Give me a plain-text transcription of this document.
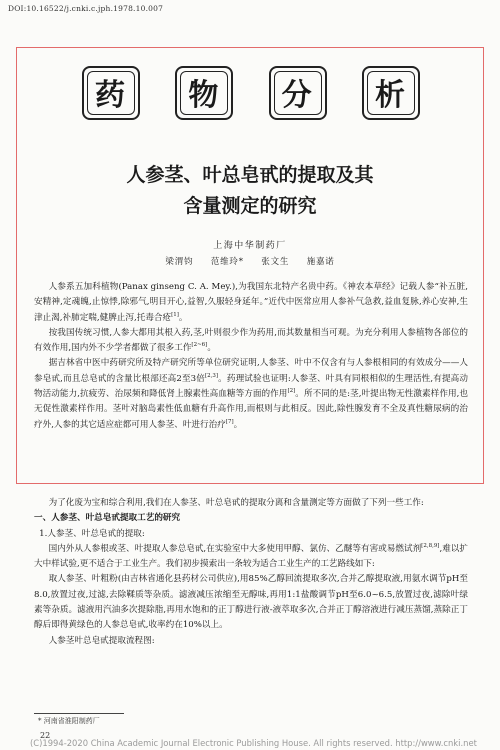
DOI:10.16522/j.cnki.c.jph.1978.10.007
药 物 分 析
人参茎、叶总皂甙的提取及其
含量测定的研究
上海中华制药厂
梁渭钧 范维玲* 张文生 施嘉诺

人参系五加科植物(Panax ginseng C. A. Mey.),为我国东北特产名贵中药。《神农本草经》记载人参“补五脏,安精神,定魂魄,止惊悸,除邪气,明目开心,益智,久服轻身延年。”近代中医常应用人参补气急救,益血复脉,养心安神,生津止渴,补肺定喘,健脾止泻,托毒合疮[1]。

按我国传统习惯,人参大都用其根入药,茎,叶则很少作为药用,而其数量相当可观。为充分利用人参植物各部位的有效作用,国内外不少学者都做了很多工作[2~6]。

据吉林省中医中药研究所及特产研究所等单位研究证明,人参茎、叶中不仅含有与人参根相同的有效成分——人参皂甙,而且总皂甙的含量比根部还高2至3倍[2,3]。药理试验也证明:人参茎、叶具有同根相似的生理活性,有提高动物活动能力,抗疲劳、治尿频和降低肾上腺素性高血糖等方面的作用[2]。所不同的是:茎,叶提出物无性激素样作用,也无促性激素样作用。茎叶对脑岛素性低血糖有升高作用,而根则与此相反。因此,除性腺发育不全及真性糖尿病的治疗外,人参的其它适应症都可用人参茎、叶进行治疗[7]。

为了化废为宝和综合利用,我们在人参茎、叶总皂甙的提取分离和含量测定等方面做了下列一些工作:

一、人参茎、叶总皂甙提取工艺的研究

1.人参茎、叶总皂甙的提取:

国内外从人参根或茎、叶提取人参总皂甙,在实验室中大多使用甲醇、氯仿、乙醚等有害或易燃试剂[2,8,9],难以扩大中样试验,更不适合于工业生产。我们初步摸索出一条较为适合工业生产的工艺路线如下:

取人参茎、叶粗粉(由吉林省通化县药材公司供应),用85%乙醇回流提取多次,合并乙醇提取液,用氨水调节pH至8.0,放置过夜,过滤,去除鞣质等杂质。滤液减压浓缩至无醇味,再用1:1盐酸调节pH至6.0~6.5,放置过夜,滤除叶绿素等杂质。滤液用汽油多次提除脂,再用水饱和的正丁醇进行液-液萃取多次,合并正丁醇溶液进行减压蒸馏,蒸除正丁醇后即得黄绿色的人参总皂甙,收率约在10%以上。

人参茎叶总皂甙提取流程图:

* 河南省淮阳制药厂
22
(C)1994-2020 China Academic Journal Electronic Publishing House. All rights reserved. http://www.cnki.net
